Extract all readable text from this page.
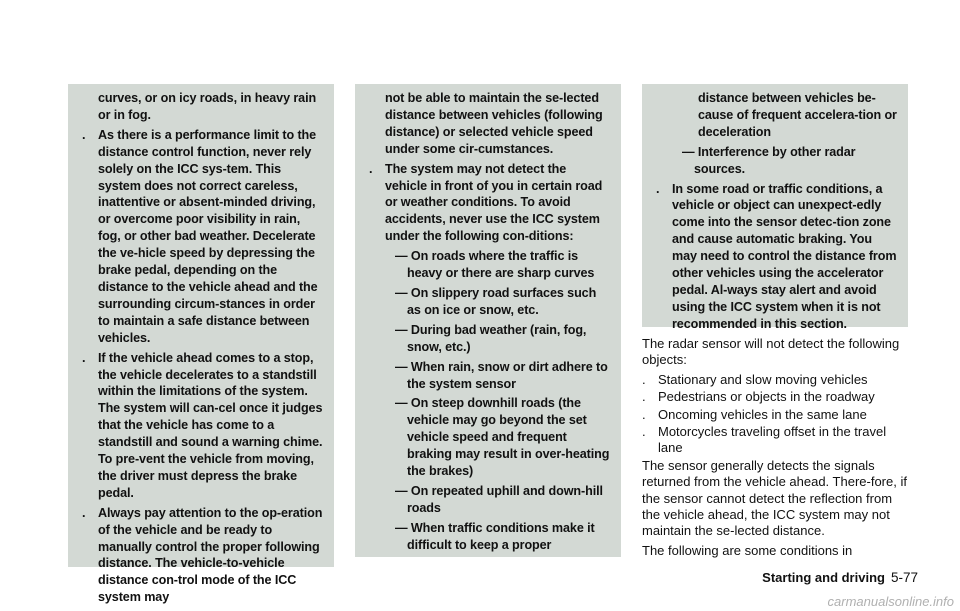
curves, or on icy roads, in heavy rain or in fog.

. As there is a performance limit to the distance control function, never rely solely on the ICC sys-tem. This system does not correct careless, inattentive or absent-minded driving, or overcome poor visibility in rain, fog, or other bad weather. Decelerate the ve-hicle speed by depressing the brake pedal, depending on the distance to the vehicle ahead and the surrounding circum-stances in order to maintain a safe distance between vehicles.
. If the vehicle ahead comes to a stop, the vehicle decelerates to a standstill within the limitations of the system. The system will can-cel once it judges that the vehicle has come to a standstill and sound a warning chime. To pre-vent the vehicle from moving, the driver must depress the brake pedal.
. Always pay attention to the op-eration of the vehicle and be ready to manually control the proper following distance. The vehicle-to-vehicle distance con-trol mode of the ICC system may

not be able to maintain the se-lected distance between vehicles (following distance) or selected vehicle speed under some cir-cumstances.

. The system may not detect the vehicle in front of you in certain road or weather conditions. To avoid accidents, never use the ICC system under the following con-ditions:
— On roads where the traffic is heavy or there are sharp curves
— On slippery road surfaces such as on ice or snow, etc.
— During bad weather (rain, fog, snow, etc.)
— When rain, snow or dirt adhere to the system sensor
— On steep downhill roads (the vehicle may go beyond the set vehicle speed and frequent braking may result in over-heating the brakes)
— On repeated uphill and down-hill roads
— When traffic conditions make it difficult to keep a proper

distance between vehicles be-cause of frequent accelera-tion or deceleration

— Interference by other radar sources.
. In some road or traffic conditions, a vehicle or object can unexpect-edly come into the sensor detec-tion zone and cause automatic braking. You may need to control the distance from other vehicles using the accelerator pedal. Al-ways stay alert and avoid using the ICC system when it is not recommended in this section.

The radar sensor will not detect the following objects:

. Stationary and slow moving vehicles
. Pedestrians or objects in the roadway
. Oncoming vehicles in the same lane
. Motorcycles traveling offset in the travel lane

The sensor generally detects the signals returned from the vehicle ahead. There-fore, if the sensor cannot detect the reflection from the vehicle ahead, the ICC system may not maintain the se-lected distance.

The following are some conditions in

Starting and driving 5-77
carmanualsonline.info
